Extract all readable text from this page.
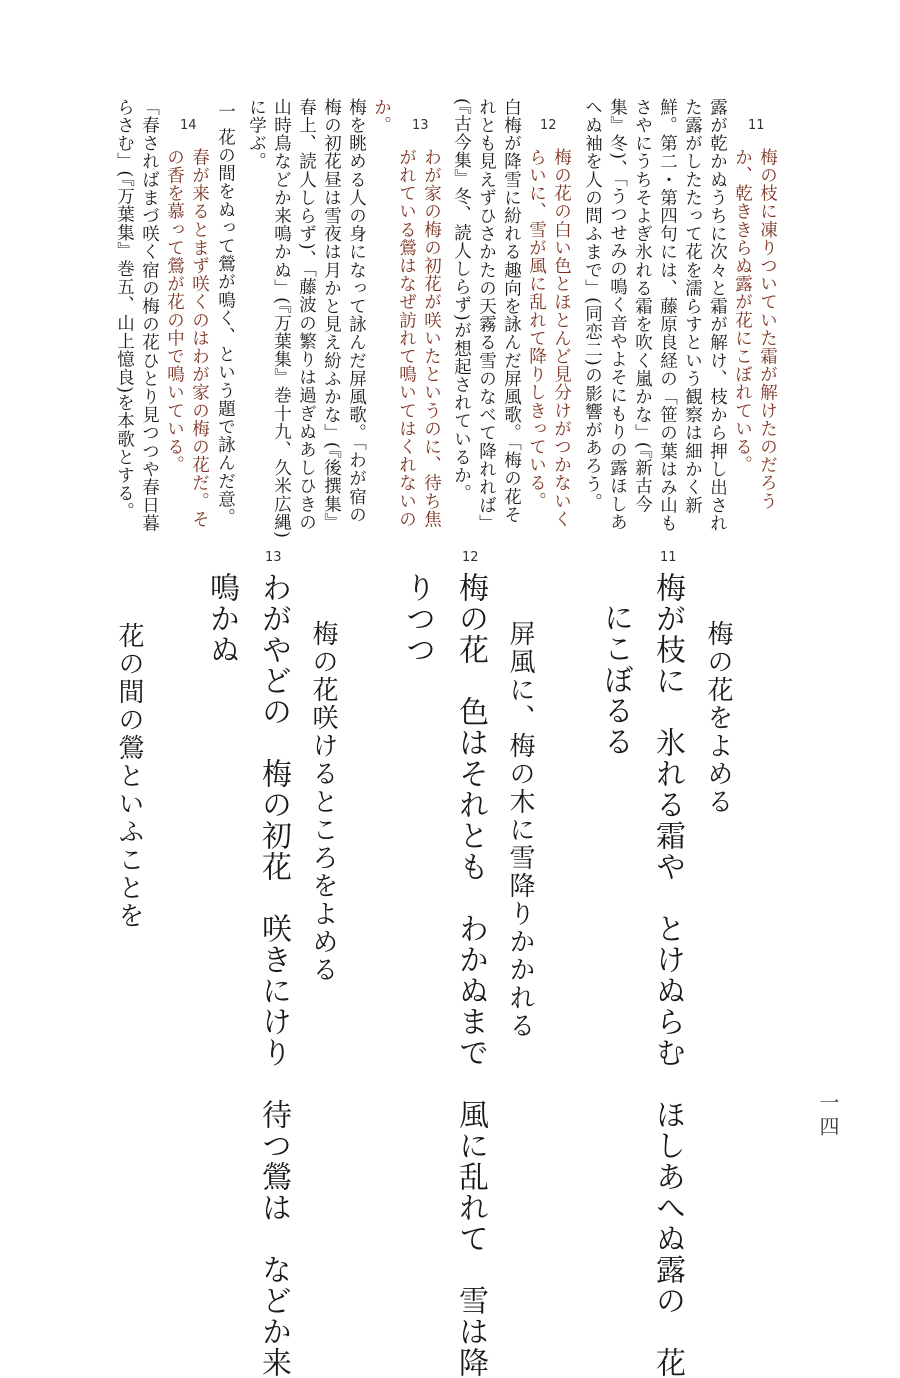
11
梅の枝に凍りついていた霜が解けたのだろう
か、乾ききらぬ露が花にこぼれている。
露が乾かぬうちに次々と霜が解け、枝から押し出され
た露がしたたって花を濡らすという観察は細かく新
鮮。第二・第四句には、藤原良経の「笹の葉はみ山も
さやにうちそよぎ氷れる霜を吹く嵐かな」(『新古今
集』冬)、「うつせみの鳴く音やよそにもりの露ほしあ
へぬ袖を人の問ふまで」(同恋二)の影響があろう。
12
梅の花の白い色とほとんど見分けがつかないく
らいに、雪が風に乱れて降りしきっている。
白梅が降雪に紛れる趣向を詠んだ屏風歌。「梅の花そ
れとも見えずひさかたの天霧る雪のなべて降れれば」
(『古今集』冬、読人しらず)が想起されているか。
13
わが家の梅の初花が咲いたというのに、待ち焦
がれている鶯はなぜ訪れて鳴いてはくれないの
か。
梅を眺める人の身になって詠んだ屏風歌。「わが宿の
梅の初花昼は雪夜は月かと見え紛ふかな」(『後撰集』
春上、読人しらず)、「藤波の繁りは過ぎぬあしひきの
山時鳥などか来鳴かぬ」(『万葉集』巻十九、久米広縄)
に学ぶ。
一
花の間をぬって鶯が鳴く、という題で詠んだ意。
14
春が来るとまず咲くのはわが家の梅の花だ。そ
の香を慕って鶯が花の中で鳴いている。
「春さればまづ咲く宿の梅の花ひとり見つつや春日暮
らさむ」(『万葉集』巻五、山上憶良)を本歌とする。
11
梅の花をよめる
梅が枝に　氷れる霜や　とけぬらむ　ほしあへぬ露の　花
にこぼるる
12
屏風に、梅の木に雪降りかかれる
梅の花　色はそれとも　わかぬまで　風に乱れて　雪は降
りつつ
13
梅の花咲けるところをよめる
わがやどの　梅の初花　咲きにけり　待つ鶯は　などか来
鳴かぬ
花の間の鶯といふことを
一四
